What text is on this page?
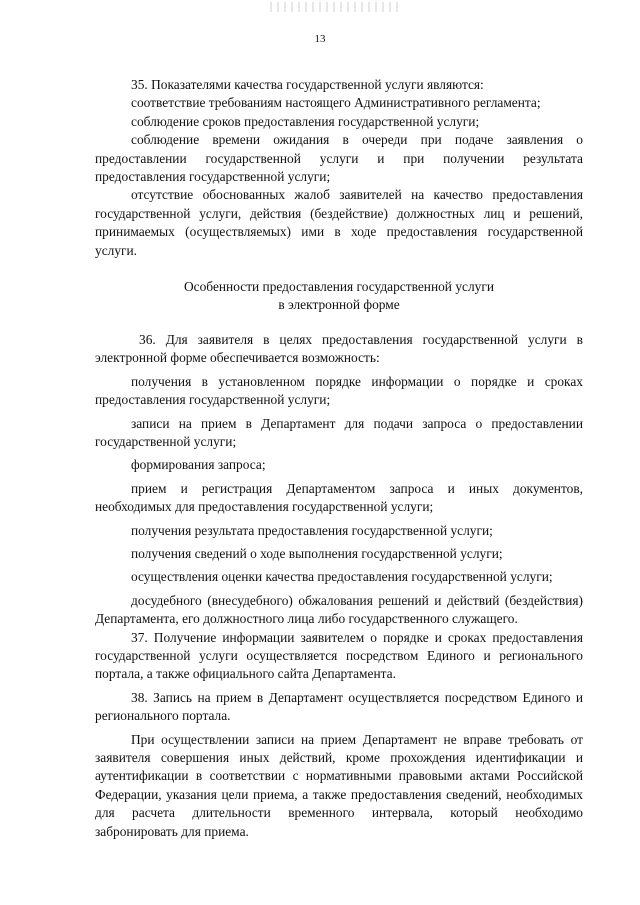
13

35. Показателями качества государственной услуги являются:

соответствие требованиям настоящего Административного регламента;

соблюдение сроков предоставления государственной услуги;

соблюдение времени ожидания в очереди при подаче заявления о предоставлении государственной услуги и при получении результата предоставления государственной услуги;

отсутствие обоснованных жалоб заявителей на качество предоставления государственной услуги, действия (бездействие) должностных лиц и решений, принимаемых (осуществляемых) ими в ходе предоставления государственной услуги.

Особенности предоставления государственной услуги
в электронной форме

36. Для заявителя в целях предоставления государственной услуги в электронной форме обеспечивается возможность:

получения в установленном порядке информации о порядке и сроках предоставления государственной услуги;

записи на прием в Департамент для подачи запроса о предоставлении государственной услуги;

формирования запроса;

прием и регистрация Департаментом запроса и иных документов, необходимых для предоставления государственной услуги;

получения результата предоставления государственной услуги;

получения сведений о ходе выполнения государственной услуги;

осуществления оценки качества предоставления государственной услуги;

досудебного (внесудебного) обжалования решений и действий (бездействия) Департамента, его должностного лица либо государственного служащего.

37. Получение информации заявителем о порядке и сроках предоставления государственной услуги осуществляется посредством Единого и регионального портала, а также официального сайта Департамента.

38. Запись на прием в Департамент осуществляется посредством Единого и регионального портала.

При осуществлении записи на прием Департамент не вправе требовать от заявителя совершения иных действий, кроме прохождения идентификации и аутентификации в соответствии с нормативными правовыми актами Российской Федерации, указания цели приема, а также предоставления сведений, необходимых для расчета длительности временного интервала, который необходимо забронировать для приема.
